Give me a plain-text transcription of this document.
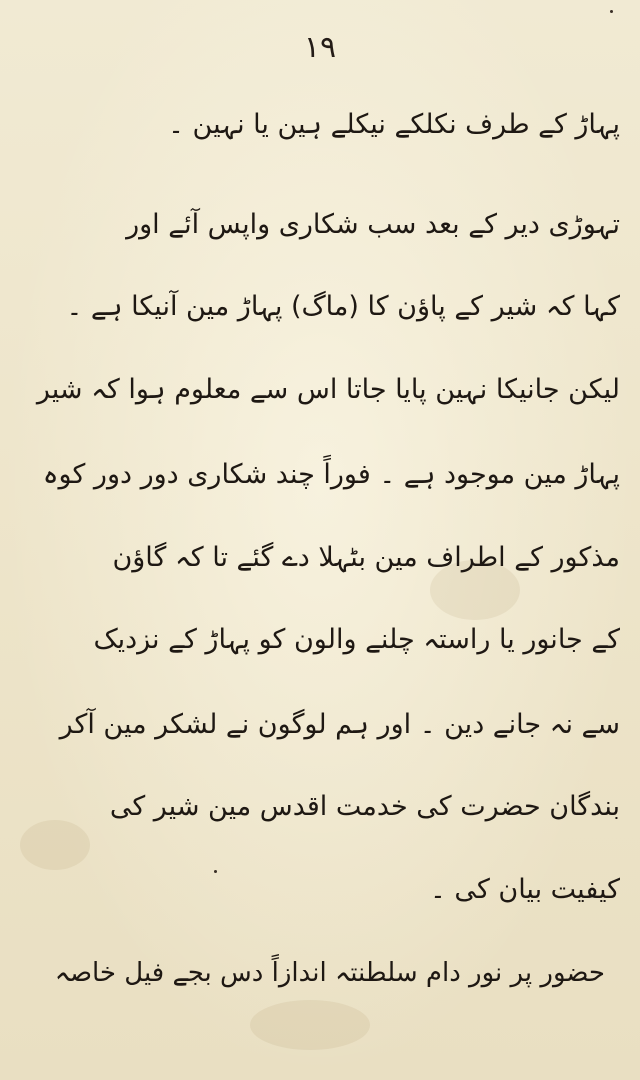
١٩
پہاڑ کے طرف نکلکے نیکلے ہین یا نہین ۔
تہوڑی دیر کے بعد سب شکاری واپس آئے اور
کہا کہ شیر کے پاؤن کا (ماگ) پہاڑ مین آنیکا ہے ۔
لیکن جانیکا نہین پایا جاتا اس سے معلوم ہوا کہ شیر
پہاڑ مین موجود ہے ۔ فوراً چند شکاری دور دور کوہ
مذکور کے اطراف مین بٹہلا دے گئے تا کہ گاؤن
کے جانور یا راستہ چلنے والون کو پہاڑ کے نزدیک
سے نہ جانے دین ۔ اور ہم لوگون نے لشکر مین آکر
بندگان حضرت کی خدمت اقدس مین شیر کی
کیفیت بیان کی ۔
حضور پر نور دام سلطنتہ اندازاً دس بجے فیل خاصہ
